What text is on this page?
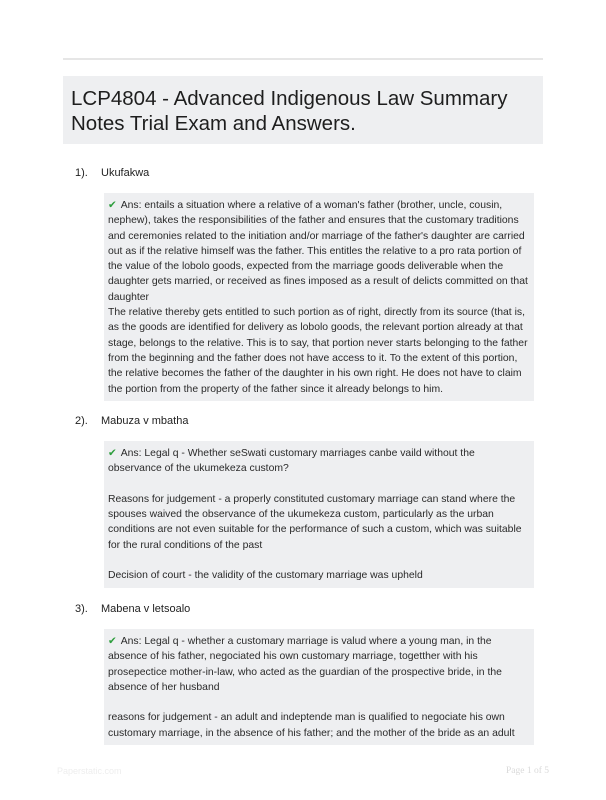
LCP4804 - Advanced Indigenous Law Summary Notes Trial Exam and Answers.
1).	Ukufakwa

✔ Ans: entails a situation where a relative of a woman's father (brother, uncle, cousin, nephew), takes the responsibilities of the father and ensures that the customary traditions and ceremonies related to the initiation and/or marriage of the father's daughter are carried out as if the relative himself was the father. This entitles the relative to a pro rata portion of the value of the lobolo goods, expected from the marriage goods deliverable when the daughter gets married, or received as fines imposed as a result of delicts committed on that daughter

The relative thereby gets entitled to such portion as of right, directly from its source (that is, as the goods are identified for delivery as lobolo goods, the relevant portion already at that stage, belongs to the relative. This is to say, that portion never starts belonging to the father from the beginning and the father does not have access to it. To the extent of this portion, the relative becomes the father of the daughter in his own right. He does not have to claim the portion from the property of the father since it already belongs to him.

2).	Mabuza v mbatha

✔ Ans: Legal q - Whether seSwati customary marriages canbe vaild without the observance of the ukumekeza custom?

Reasons for judgement - a properly constituted customary marriage can stand where the spouses waived the observance of the ukumekeza custom, particularly as the urban conditions are not even suitable for the performance of such a custom, which was suitable for the rural conditions of the past

Decision of court - the validity of the customary marriage was upheld

3).	Mabena v letsoalo

✔ Ans: Legal q - whether a customary marriage is valud where a young man, in the absence of his father, negociated his own customary marriage, togetther with his prosepectice mother-in-law, who acted as the guardian of the prospective bride, in the absence of her husband

reasons for judgement - an adult and indeptende man is qualified to negociate his own customary marriage, in the absence of his father; and the mother of the bride as an adult

Paperstatic.com	Page 1 of 5
